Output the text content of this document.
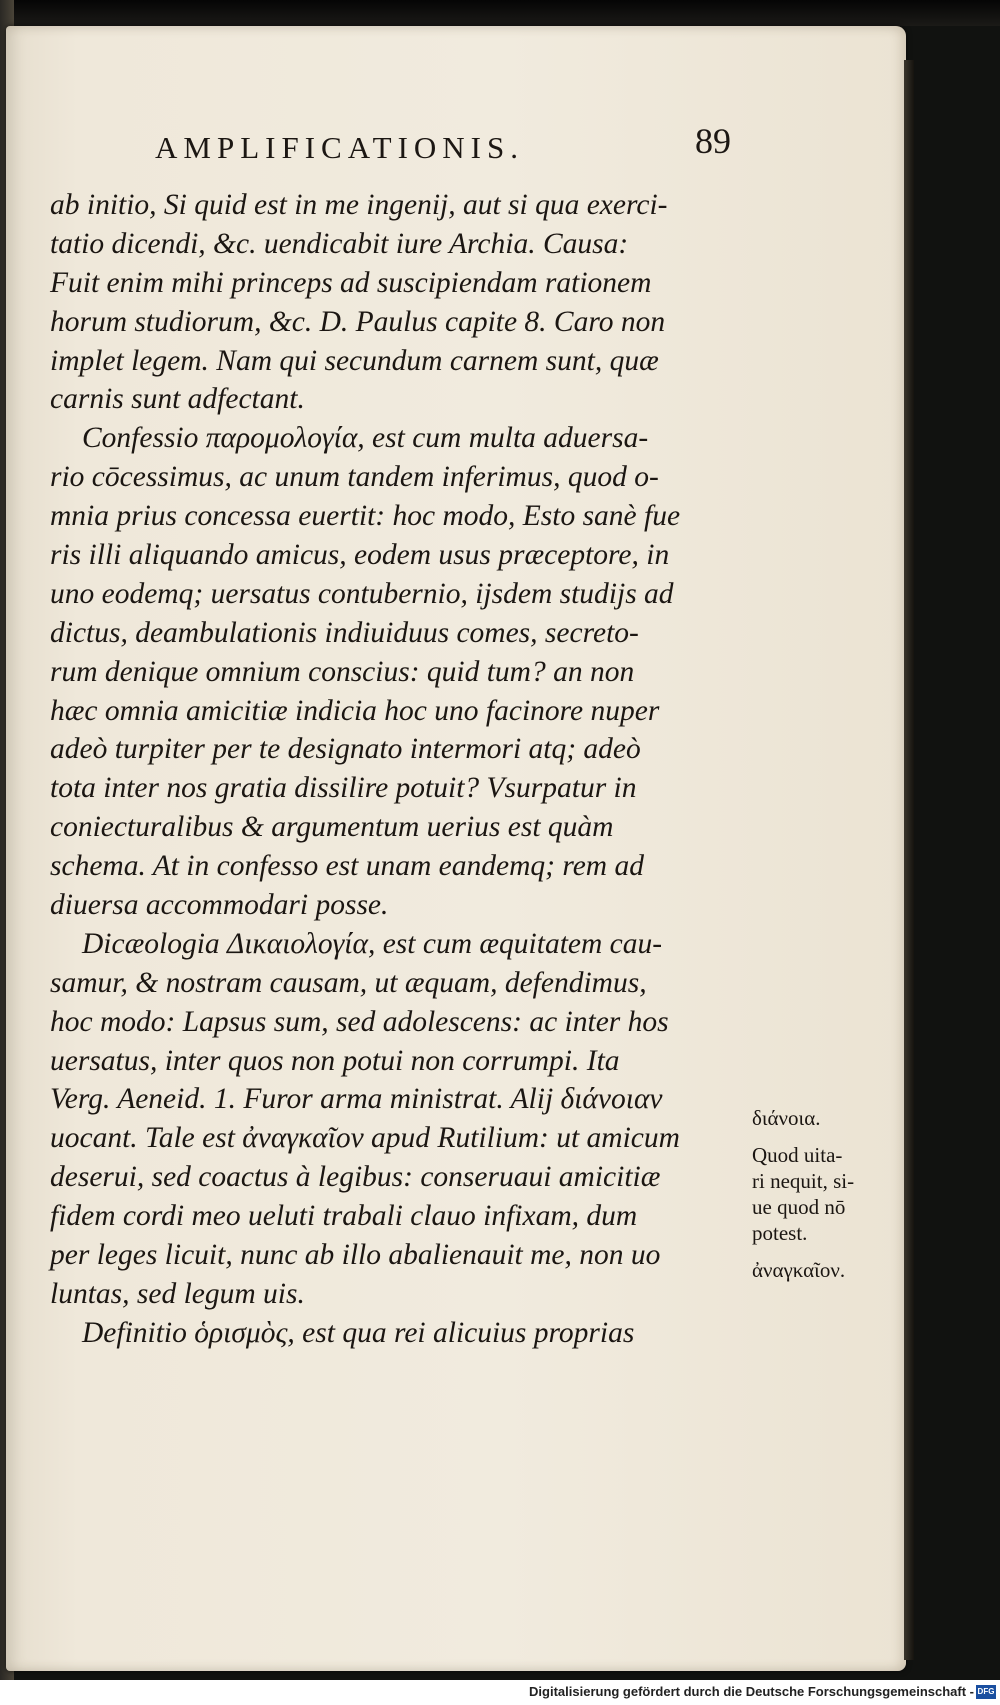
AMPLIFICATIONIS.	89
ab initio, Si quid est in me ingenij, aut si qua exerci-
tatio dicendi, &c. uendicabit iure Archia. Causa:
Fuit enim mihi princeps ad suscipiendam rationem
horum studiorum, &c. D. Paulus capite 8. Caro non
implet legem. Nam qui secundum carnem sunt, quæ
carnis sunt adfectant.
Confessio παρομολογία, est cum multa aduersa-
rio cōcessimus, ac unum tandem inferimus, quod o-
mnia prius concessa euertit: hoc modo, Esto sanè fue
ris illi aliquando amicus, eodem usus præceptore, in
uno eodemq; uersatus contubernio, ijsdem studijs ad
dictus, deambulationis indiuiduus comes, secreto-
rum denique omnium conscius: quid tum? an non
hæc omnia amicitiæ indicia hoc uno facinore nuper
adeò turpiter per te designato intermori atq; adeò
tota inter nos gratia dissilire potuit? Vsurpatur in
coniecturalibus & argumentum uerius est quàm
schema. At in confesso est unam eandemq; rem ad
diuersa accommodari posse.
Dicæologia Δικαιολογία, est cum æquitatem cau-
samur, & nostram causam, ut æquam, defendimus,
hoc modo: Lapsus sum, sed adolescens: ac inter hos
uersatus, inter quos non potui non corrumpi. Ita
Verg. Aeneid. 1. Furor arma ministrat. Alij διάνοιαν
uocant. Tale est ἀναγκαῖον apud Rutilium: ut amicum
deserui, sed coactus à legibus: conseruaui amicitiæ
fidem cordi meo ueluti trabali clauo infixam, dum
per leges licuit, nunc ab illo abalienauit me, non uo
luntas, sed legum uis.
Definitio ὁρισμὸς, est qua rei alicuius proprias
διάνοια.
Quod uita-
ri nequit, si-
ue quod nō
potest.
ἀναγκαῖον.
Digitalisierung gefördert durch die Deutsche Forschungsgemeinschaft - DFG
